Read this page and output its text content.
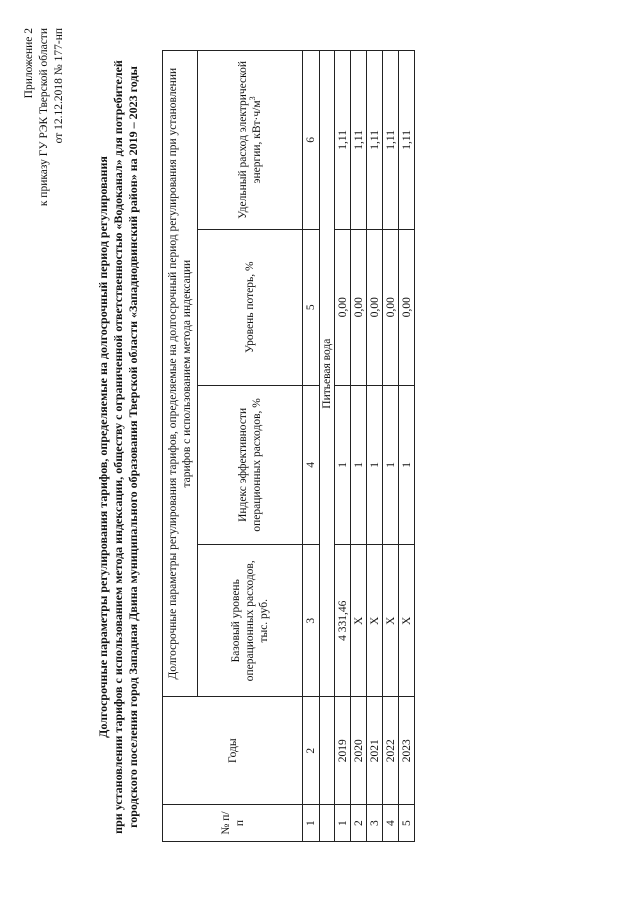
Приложение 2 к приказу ГУ РЭК Тверской области от 12.12.2018 № 177-нп
Долгосрочные параметры регулирования тарифов, определяемые на долгосрочный период регулирования при установлении тарифов с использованием метода индексации, обществу с ограниченной ответственностью «Водоканал» для потребителей городского поселения город Западная Двина муниципального образования Тверской области «Западнодвинский район» на 2019 – 2023 годы	№ п/п	Годы	Долгосрочные параметры регулирования тарифов, определяемые на долгосрочный период регулирования при установлении тарифов с использованием метода индексации			
		Базовый уровень операционных расходов, тыс. руб.	Индекс эффективности операционных расходов, %	Уровень потерь, %	Удельный расход электрической энергии, $кВт\cdot ч/м^3$
1	2	3	4	5	6
		Питьевая вода			
1	2019	4 331,46	1	0,00	1,11
2	2020	Х	1	0,00	1,11
3	2021	Х	1	0,00	1,11
4	2022	Х	1	0,00	1,11
5	2023	Х	1	0,00	1,11
